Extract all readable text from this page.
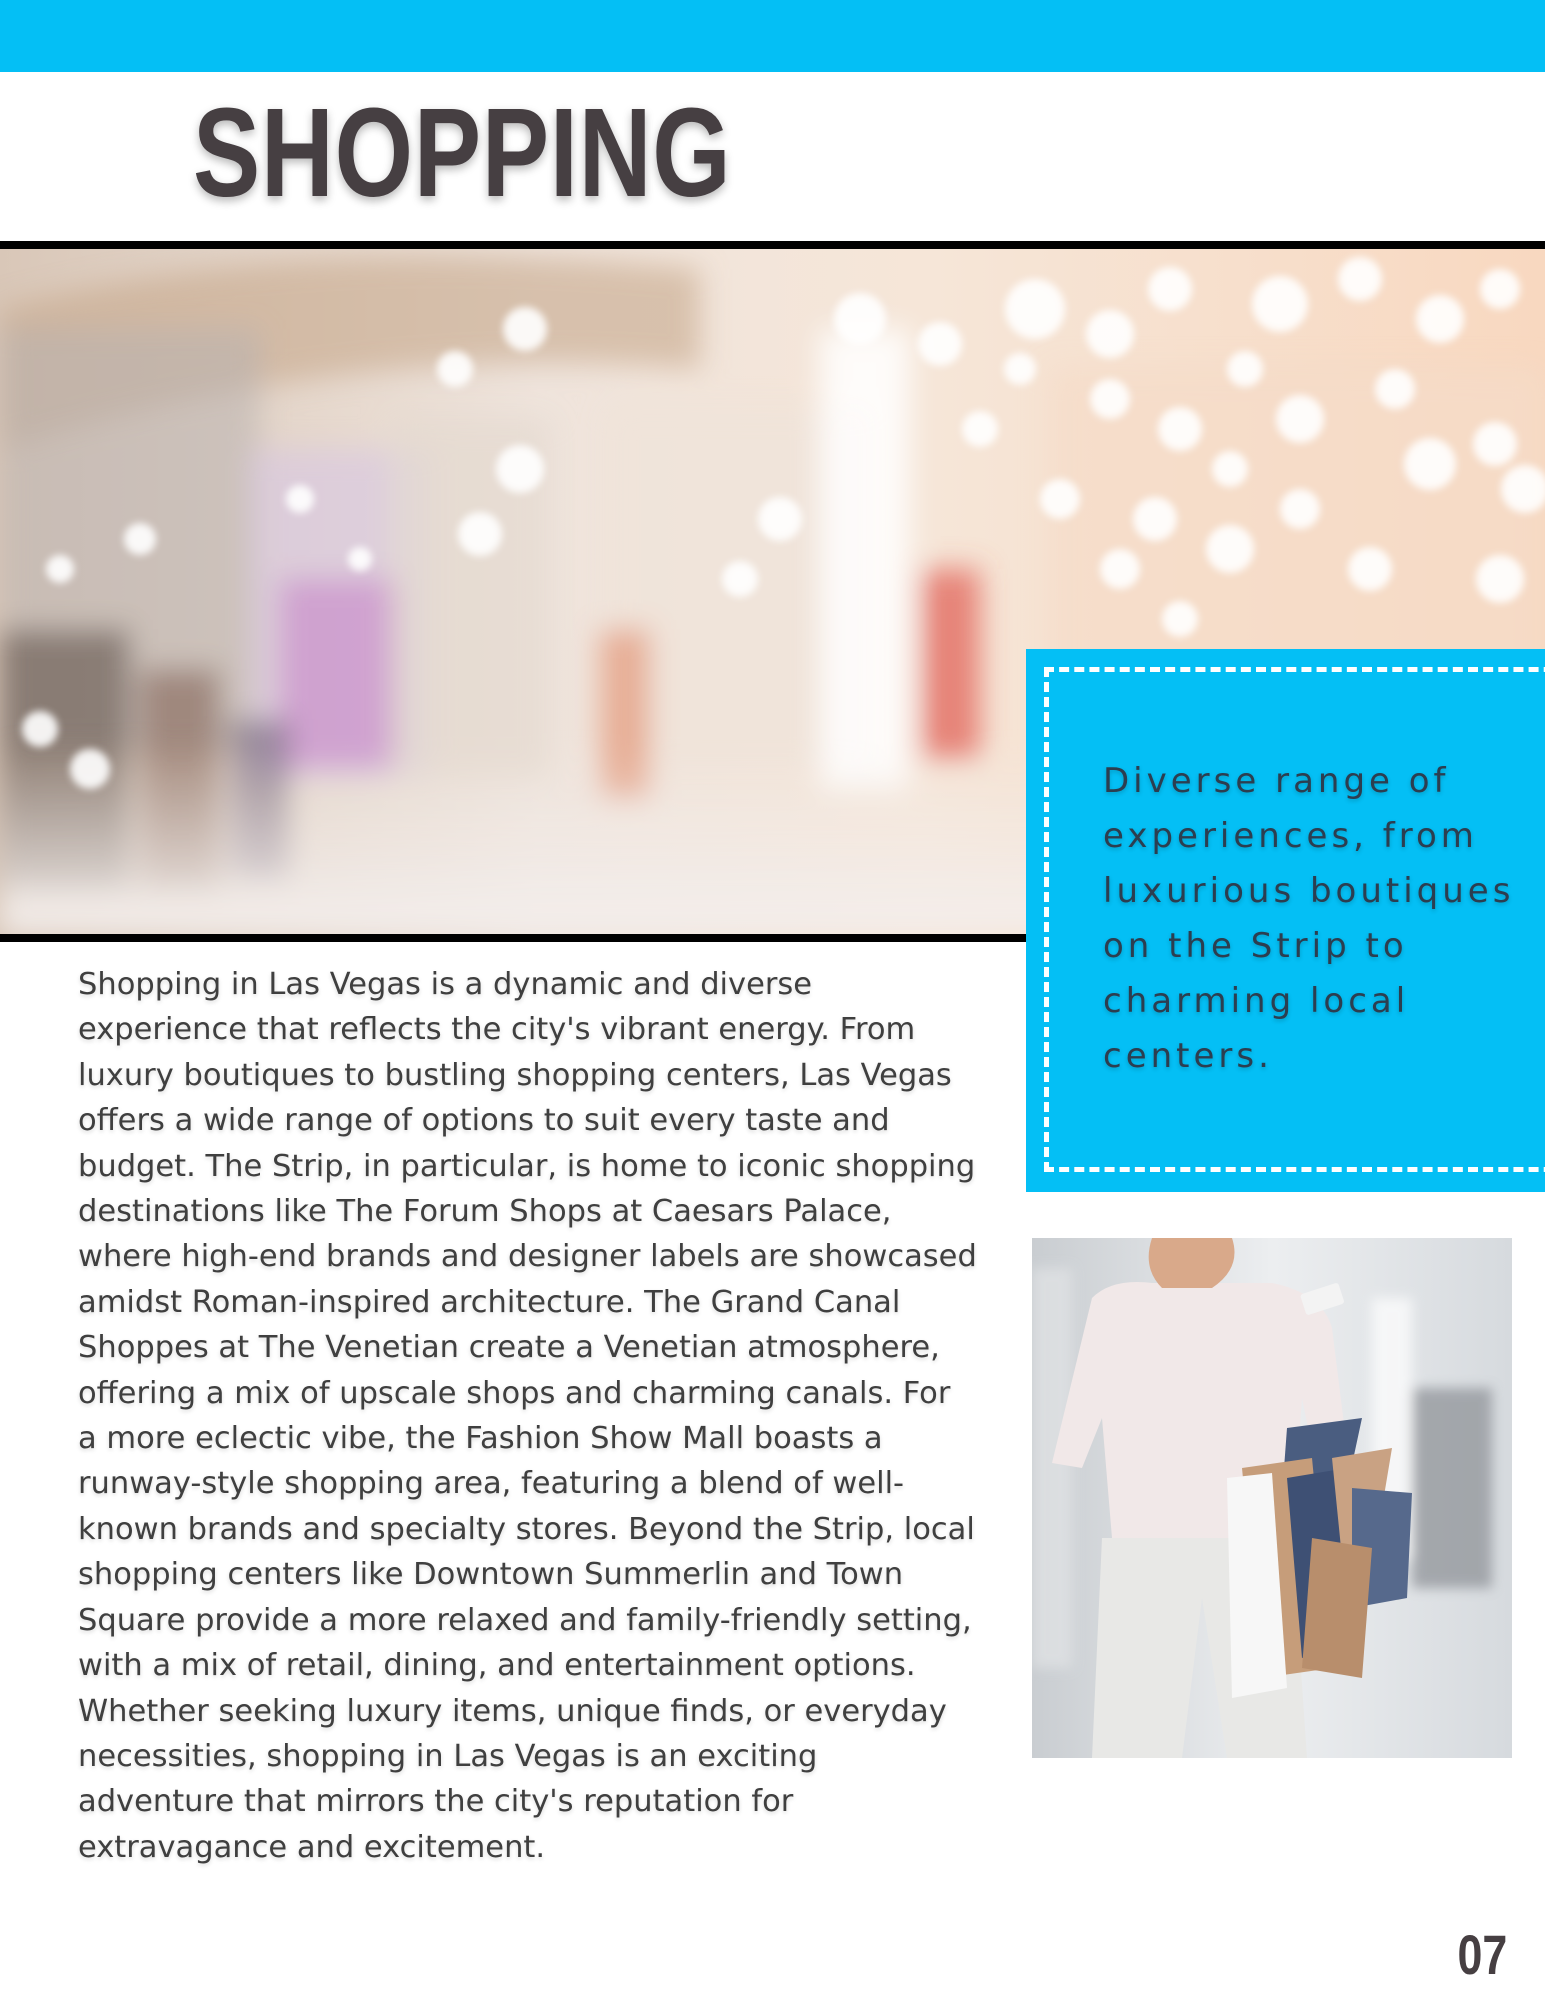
SHOPPING

Diverse range of experiences, from luxurious boutiques on the Strip to charming local centers.

Shopping in Las Vegas is a dynamic and diverse experience that reflects the city's vibrant energy. From luxury boutiques to bustling shopping centers, Las Vegas offers a wide range of options to suit every taste and budget. The Strip, in particular, is home to iconic shopping destinations like The Forum Shops at Caesars Palace, where high-end brands and designer labels are showcased amidst Roman-inspired architecture. The Grand Canal Shoppes at The Venetian create a Venetian atmosphere, offering a mix of upscale shops and charming canals. For a more eclectic vibe, the Fashion Show Mall boasts a runway-style shopping area, featuring a blend of well-known brands and specialty stores. Beyond the Strip, local shopping centers like Downtown Summerlin and Town Square provide a more relaxed and family-friendly setting, with a mix of retail, dining, and entertainment options. Whether seeking luxury items, unique finds, or everyday necessities, shopping in Las Vegas is an exciting adventure that mirrors the city's reputation for extravagance and excitement.

07
